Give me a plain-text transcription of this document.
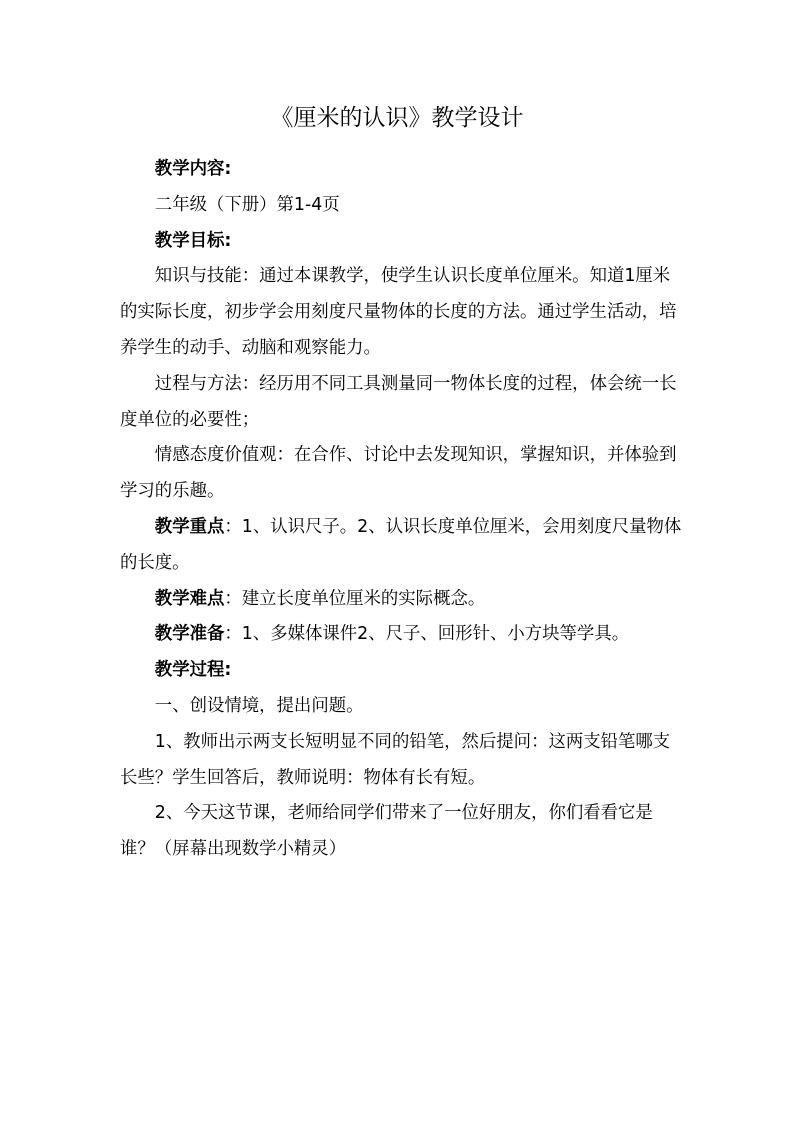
《厘米的认识》教学设计

教学内容:

二年级（下册）第1-4页

教学目标:

知识与技能：通过本课教学，使学生认识长度单位厘米。知道1厘米的实际长度，初步学会用刻度尺量物体的长度的方法。通过学生活动，培养学生的动手、动脑和观察能力。

过程与方法：经历用不同工具测量同一物体长度的过程，体会统一长度单位的必要性；

情感态度价值观：在合作、讨论中去发现知识，掌握知识，并体验到学习的乐趣。

教学重点：1、认识尺子。2、认识长度单位厘米，会用刻度尺量物体的长度。

教学难点：建立长度单位厘米的实际概念。

教学准备：1、多媒体课件2、尺子、回形针、小方块等学具。

教学过程:

一、创设情境，提出问题。

1、教师出示两支长短明显不同的铅笔，然后提问：这两支铅笔哪支长些？学生回答后，教师说明：物体有长有短。

2、今天这节课，老师给同学们带来了一位好朋友，你们看看它是谁？（屏幕出现数学小精灵）
